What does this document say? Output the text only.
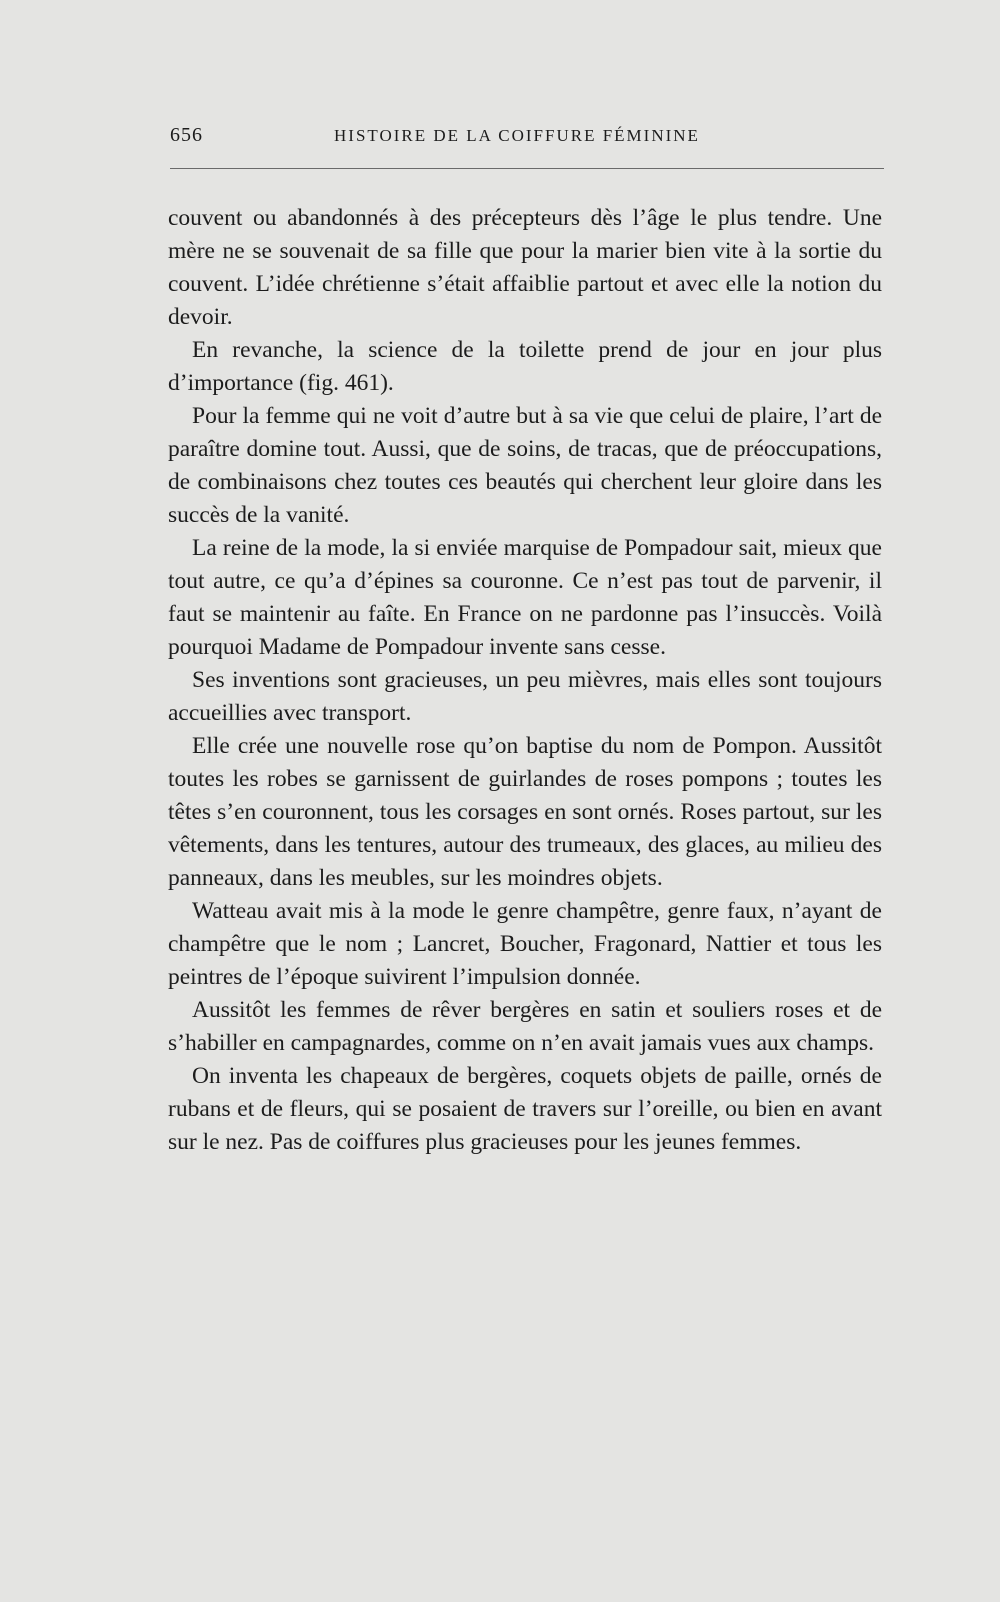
656	HISTOIRE DE LA COIFFURE FÉMININE

couvent ou abandonnés à des précepteurs dès l’âge le plus tendre. Une mère ne se souvenait de sa fille que pour la marier bien vite à la sortie du couvent. L’idée chrétienne s’était affaiblie partout et avec elle la notion du devoir.

En revanche, la science de la toilette prend de jour en jour plus d’importance (fig. 461).

Pour la femme qui ne voit d’autre but à sa vie que celui de plaire, l’art de paraître domine tout. Aussi, que de soins, de tracas, que de préoccupations, de combinaisons chez toutes ces beautés qui cherchent leur gloire dans les succès de la vanité.

La reine de la mode, la si enviée marquise de Pompadour sait, mieux que tout autre, ce qu’a d’épines sa couronne. Ce n’est pas tout de parvenir, il faut se maintenir au faîte. En France on ne pardonne pas l’insuccès. Voilà pourquoi Madame de Pompadour invente sans cesse.

Ses inventions sont gracieuses, un peu mièvres, mais elles sont toujours accueillies avec transport.

Elle crée une nouvelle rose qu’on baptise du nom de Pompon. Aussitôt toutes les robes se garnissent de guirlandes de roses pompons ; toutes les têtes s’en couronnent, tous les corsages en sont ornés. Roses partout, sur les vêtements, dans les tentures, autour des trumeaux, des glaces, au milieu des panneaux, dans les meubles, sur les moindres objets.

Watteau avait mis à la mode le genre champêtre, genre faux, n’ayant de champêtre que le nom ; Lancret, Boucher, Fragonard, Nattier et tous les peintres de l’époque suivirent l’impulsion donnée.

Aussitôt les femmes de rêver bergères en satin et souliers roses et de s’habiller en campagnardes, comme on n’en avait jamais vues aux champs.

On inventa les chapeaux de bergères, coquets objets de paille, ornés de rubans et de fleurs, qui se posaient de travers sur l’oreille, ou bien en avant sur le nez. Pas de coiffures plus gracieuses pour les jeunes femmes.
